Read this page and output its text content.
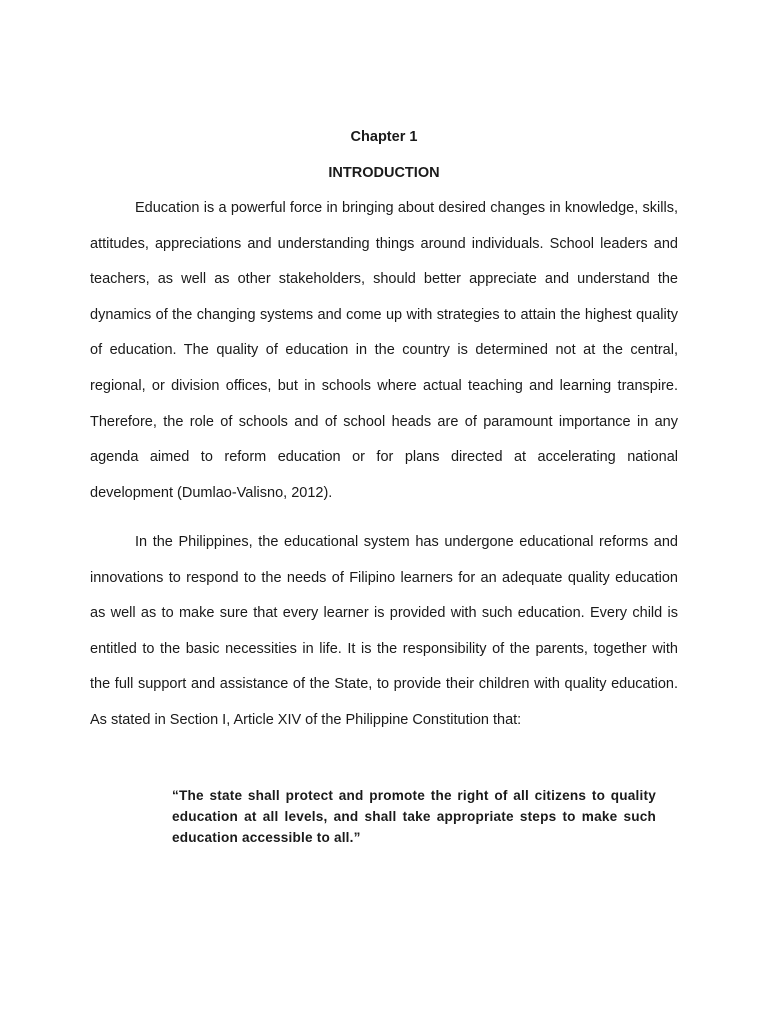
Chapter 1
INTRODUCTION

Education is a powerful force in bringing about desired changes in knowledge, skills, attitudes, appreciations and understanding things around individuals. School leaders and teachers, as well as other stakeholders, should better appreciate and understand the dynamics of the changing systems and come up with strategies to attain the highest quality of education. The quality of education in the country is determined not at the central, regional, or division offices, but in schools where actual teaching and learning transpire. Therefore, the role of schools and of school heads are of paramount importance in any agenda aimed to reform education or for plans directed at accelerating national development (Dumlao-Valisno, 2012).

In the Philippines, the educational system has undergone educational reforms and innovations to respond to the needs of Filipino learners for an adequate quality education as well as to make sure that every learner is provided with such education. Every child is entitled to the basic necessities in life. It is the responsibility of the parents, together with the full support and assistance of the State, to provide their children with quality education. As stated in Section I, Article XIV of the Philippine Constitution that:

“The state shall protect and promote the right of all citizens to quality education at all levels, and shall take appropriate steps to make such education accessible to all.”
